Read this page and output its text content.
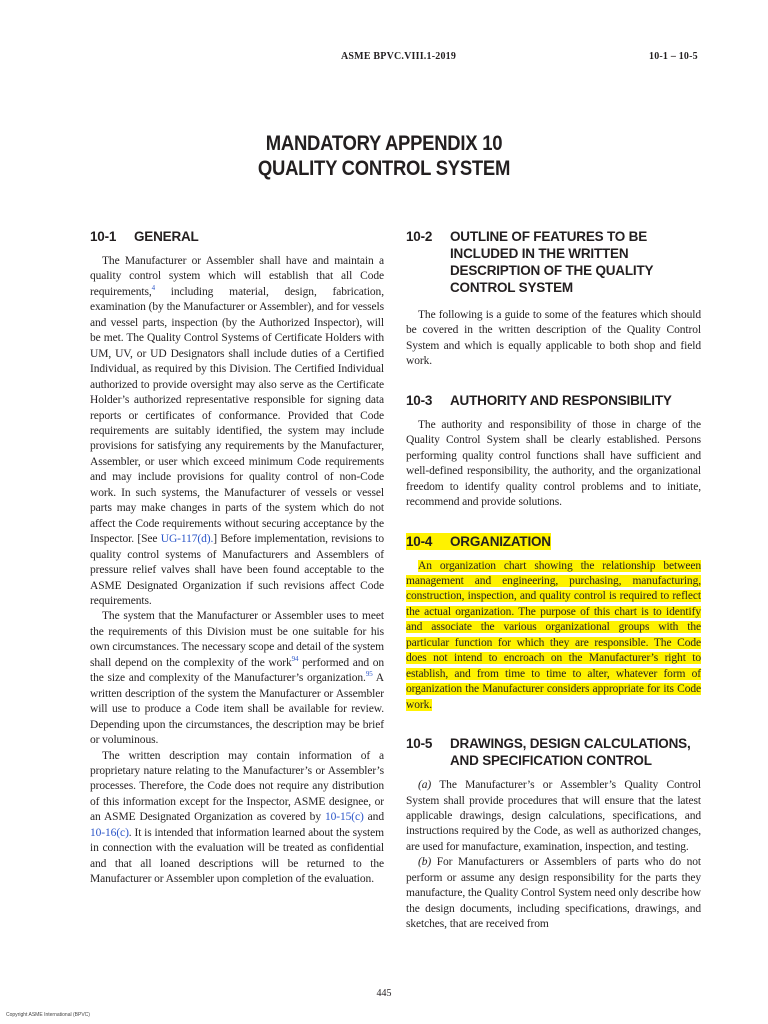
ASME BPVC.VIII.1-2019	10-1 – 10-5
MANDATORY APPENDIX 10
QUALITY CONTROL SYSTEM
10-1	GENERAL

The Manufacturer or Assembler shall have and maintain a quality control system which will establish that all Code requirements,$^4$ including material, design, fabrication, examination (by the Manufacturer or Assembler), and for vessels and vessel parts, inspection (by the Authorized Inspector), will be met. The Quality Control Systems of Certificate Holders with UM, UV, or UD Designators shall include duties of a Certified Individual, as required by this Division. The Certified Individual authorized to provide oversight may also serve as the Certificate Holder’s authorized representative responsible for signing data reports or certificates of conformance. Provided that Code requirements are suitably identified, the system may include provisions for satisfying any requirements by the Manufacturer, Assembler, or user which exceed minimum Code requirements and may include provisions for quality control of non-Code work. In such systems, the Manufacturer of vessels or vessel parts may make changes in parts of the system which do not affect the Code requirements without securing acceptance by the Inspector. [See UG-117(d).] Before implementation, revisions to quality control systems of Manufacturers and Assemblers of pressure relief valves shall have been found acceptable to the ASME Designated Organization if such revisions affect Code requirements.

The system that the Manufacturer or Assembler uses to meet the requirements of this Division must be one suitable for his own circumstances. The necessary scope and detail of the system shall depend on the complexity of the work$^{94}$ performed and on the size and complexity of the Manufacturer’s organization.$^{95}$ A written description of the system the Manufacturer or Assembler will use to produce a Code item shall be available for review. Depending upon the circumstances, the description may be brief or voluminous.

The written description may contain information of a proprietary nature relating to the Manufacturer’s or Assembler’s processes. Therefore, the Code does not require any distribution of this information except for the Inspector, ASME designee, or an ASME Designated Organization as covered by 10-15(c) and 10-16(c). It is intended that information learned about the system in connection with the evaluation will be treated as confidential and that all loaned descriptions will be returned to the Manufacturer or Assembler upon completion of the evaluation.

10-2	OUTLINE OF FEATURES TO BE INCLUDED IN THE WRITTEN DESCRIPTION OF THE QUALITY CONTROL SYSTEM

The following is a guide to some of the features which should be covered in the written description of the Quality Control System and which is equally applicable to both shop and field work.

10-3	AUTHORITY AND RESPONSIBILITY

The authority and responsibility of those in charge of the Quality Control System shall be clearly established. Persons performing quality control functions shall have sufficient and well-defined responsibility, the authority, and the organizational freedom to identify quality control problems and to initiate, recommend and provide solutions.

10-4 ORGANIZATION

An organization chart showing the relationship between management and engineering, purchasing, manufacturing, construction, inspection, and quality control is required to reflect the actual organization. The purpose of this chart is to identify and associate the various organizational groups with the particular function for which they are responsible. The Code does not intend to encroach on the Manufacturer’s right to establish, and from time to time to alter, whatever form of organization the Manufacturer considers appropriate for its Code work.

10-5	DRAWINGS, DESIGN CALCULATIONS, AND SPECIFICATION CONTROL

(a) The Manufacturer’s or Assembler’s Quality Control System shall provide procedures that will ensure that the latest applicable drawings, design calculations, specifications, and instructions required by the Code, as well as authorized changes, are used for manufacture, examination, inspection, and testing.

(b) For Manufacturers or Assemblers of parts who do not perform or assume any design responsibility for the parts they manufacture, the Quality Control System need only describe how the design documents, including specifications, drawings, and sketches, that are received from

445
Copyright ASME International (BPVC)
